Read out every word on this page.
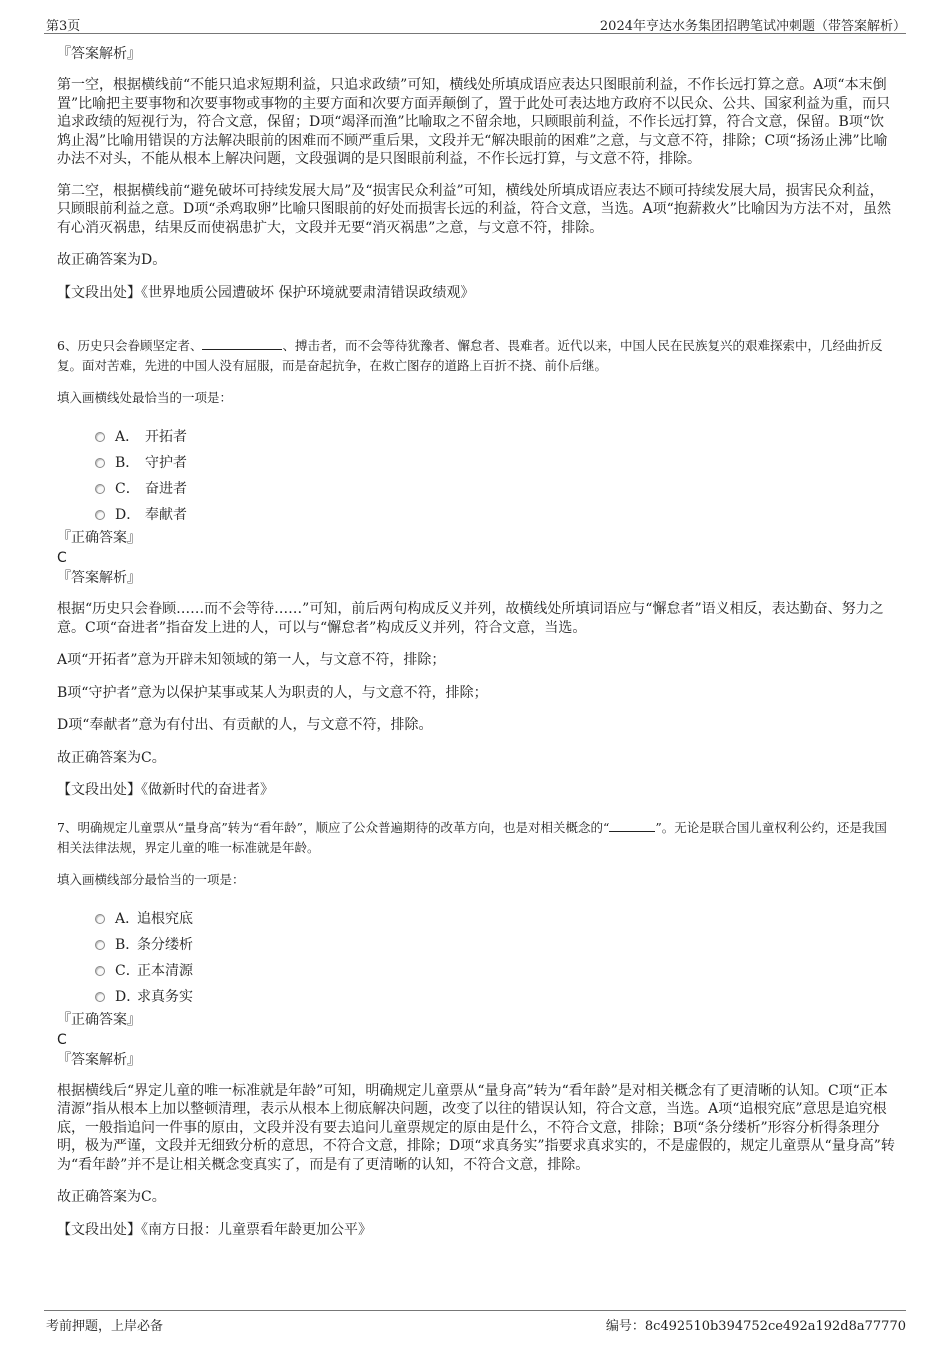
第3页	2024年亨达水务集团招聘笔试冲刺题（带答案解析）

『答案解析』

第一空，根据横线前“不能只追求短期利益，只追求政绩”可知，横线处所填成语应表达只图眼前利益，不作长远打算之意。A项“本末倒置”比喻把主要事物和次要事物或事物的主要方面和次要方面弄颠倒了，置于此处可表达地方政府不以民众、公共、国家利益为重，而只追求政绩的短视行为，符合文意，保留；D项“竭泽而渔”比喻取之不留余地，只顾眼前利益，不作长远打算，符合文意，保留。B项“饮鸩止渴”比喻用错误的方法解决眼前的困难而不顾严重后果，文段并无“解决眼前的困难”之意，与文意不符，排除；C项“扬汤止沸”比喻办法不对头，不能从根本上解决问题，文段强调的是只图眼前利益，不作长远打算，与文意不符，排除。

第二空，根据横线前“避免破坏可持续发展大局”及“损害民众利益”可知，横线处所填成语应表达不顾可持续发展大局，损害民众利益，只顾眼前利益之意。D项“杀鸡取卵”比喻只图眼前的好处而损害长远的利益，符合文意，当选。A项“抱薪救火”比喻因为方法不对，虽然有心消灭祸患，结果反而使祸患扩大，文段并无要“消灭祸患”之意，与文意不符，排除。

故正确答案为D。

【文段出处】《世界地质公园遭破坏 保护环境就要肃清错误政绩观》

6、历史只会眷顾坚定者、	、搏击者，而不会等待犹豫者、懈怠者、畏难者。近代以来，中国人民在民族复兴的艰难探索中，几经曲折反复。面对苦难，先进的中国人没有屈服，而是奋起抗争，在救亡图存的道路上百折不挠、前仆后继。

填入画横线处最恰当的一项是：

A． 开拓者
B． 守护者
C． 奋进者
D． 奉献者

『正确答案』

C

『答案解析』

根据“历史只会眷顾……而不会等待……”可知，前后两句构成反义并列，故横线处所填词语应与“懈怠者”语义相反，表达勤奋、努力之意。C项“奋进者”指奋发上进的人，可以与“懈怠者”构成反义并列，符合文意，当选。

A项“开拓者”意为开辟未知领域的第一人，与文意不符，排除；

B项“守护者”意为以保护某事或某人为职责的人，与文意不符，排除；

D项“奉献者”意为有付出、有贡献的人，与文意不符，排除。

故正确答案为C。

【文段出处】《做新时代的奋进者》

7、明确规定儿童票从“量身高”转为“看年龄”，顺应了公众普遍期待的改革方向，也是对相关概念的“	”。无论是联合国儿童权利公约，还是我国相关法律法规，界定儿童的唯一标准就是年龄。

填入画横线部分最恰当的一项是：

A．追根究底
B．条分缕析
C．正本清源
D．求真务实

『正确答案』

C

『答案解析』

根据横线后“界定儿童的唯一标准就是年龄”可知，明确规定儿童票从“量身高”转为“看年龄”是对相关概念有了更清晰的认知。C项“正本清源”指从根本上加以整顿清理，表示从根本上彻底解决问题，改变了以往的错误认知，符合文意，当选。A项“追根究底”意思是追究根底，一般指追问一件事的原由，文段并没有要去追问儿童票规定的原由是什么，不符合文意，排除；B项“条分缕析”形容分析得条理分明，极为严谨，文段并无细致分析的意思，不符合文意，排除；D项“求真务实”指要求真求实的，不是虚假的，规定儿童票从“量身高”转为“看年龄”并不是让相关概念变真实了，而是有了更清晰的认知，不符合文意，排除。

故正确答案为C。

【文段出处】《南方日报：儿童票看年龄更加公平》

考前押题，上岸必备	编号：8c492510b394752ce492a192d8a77770
